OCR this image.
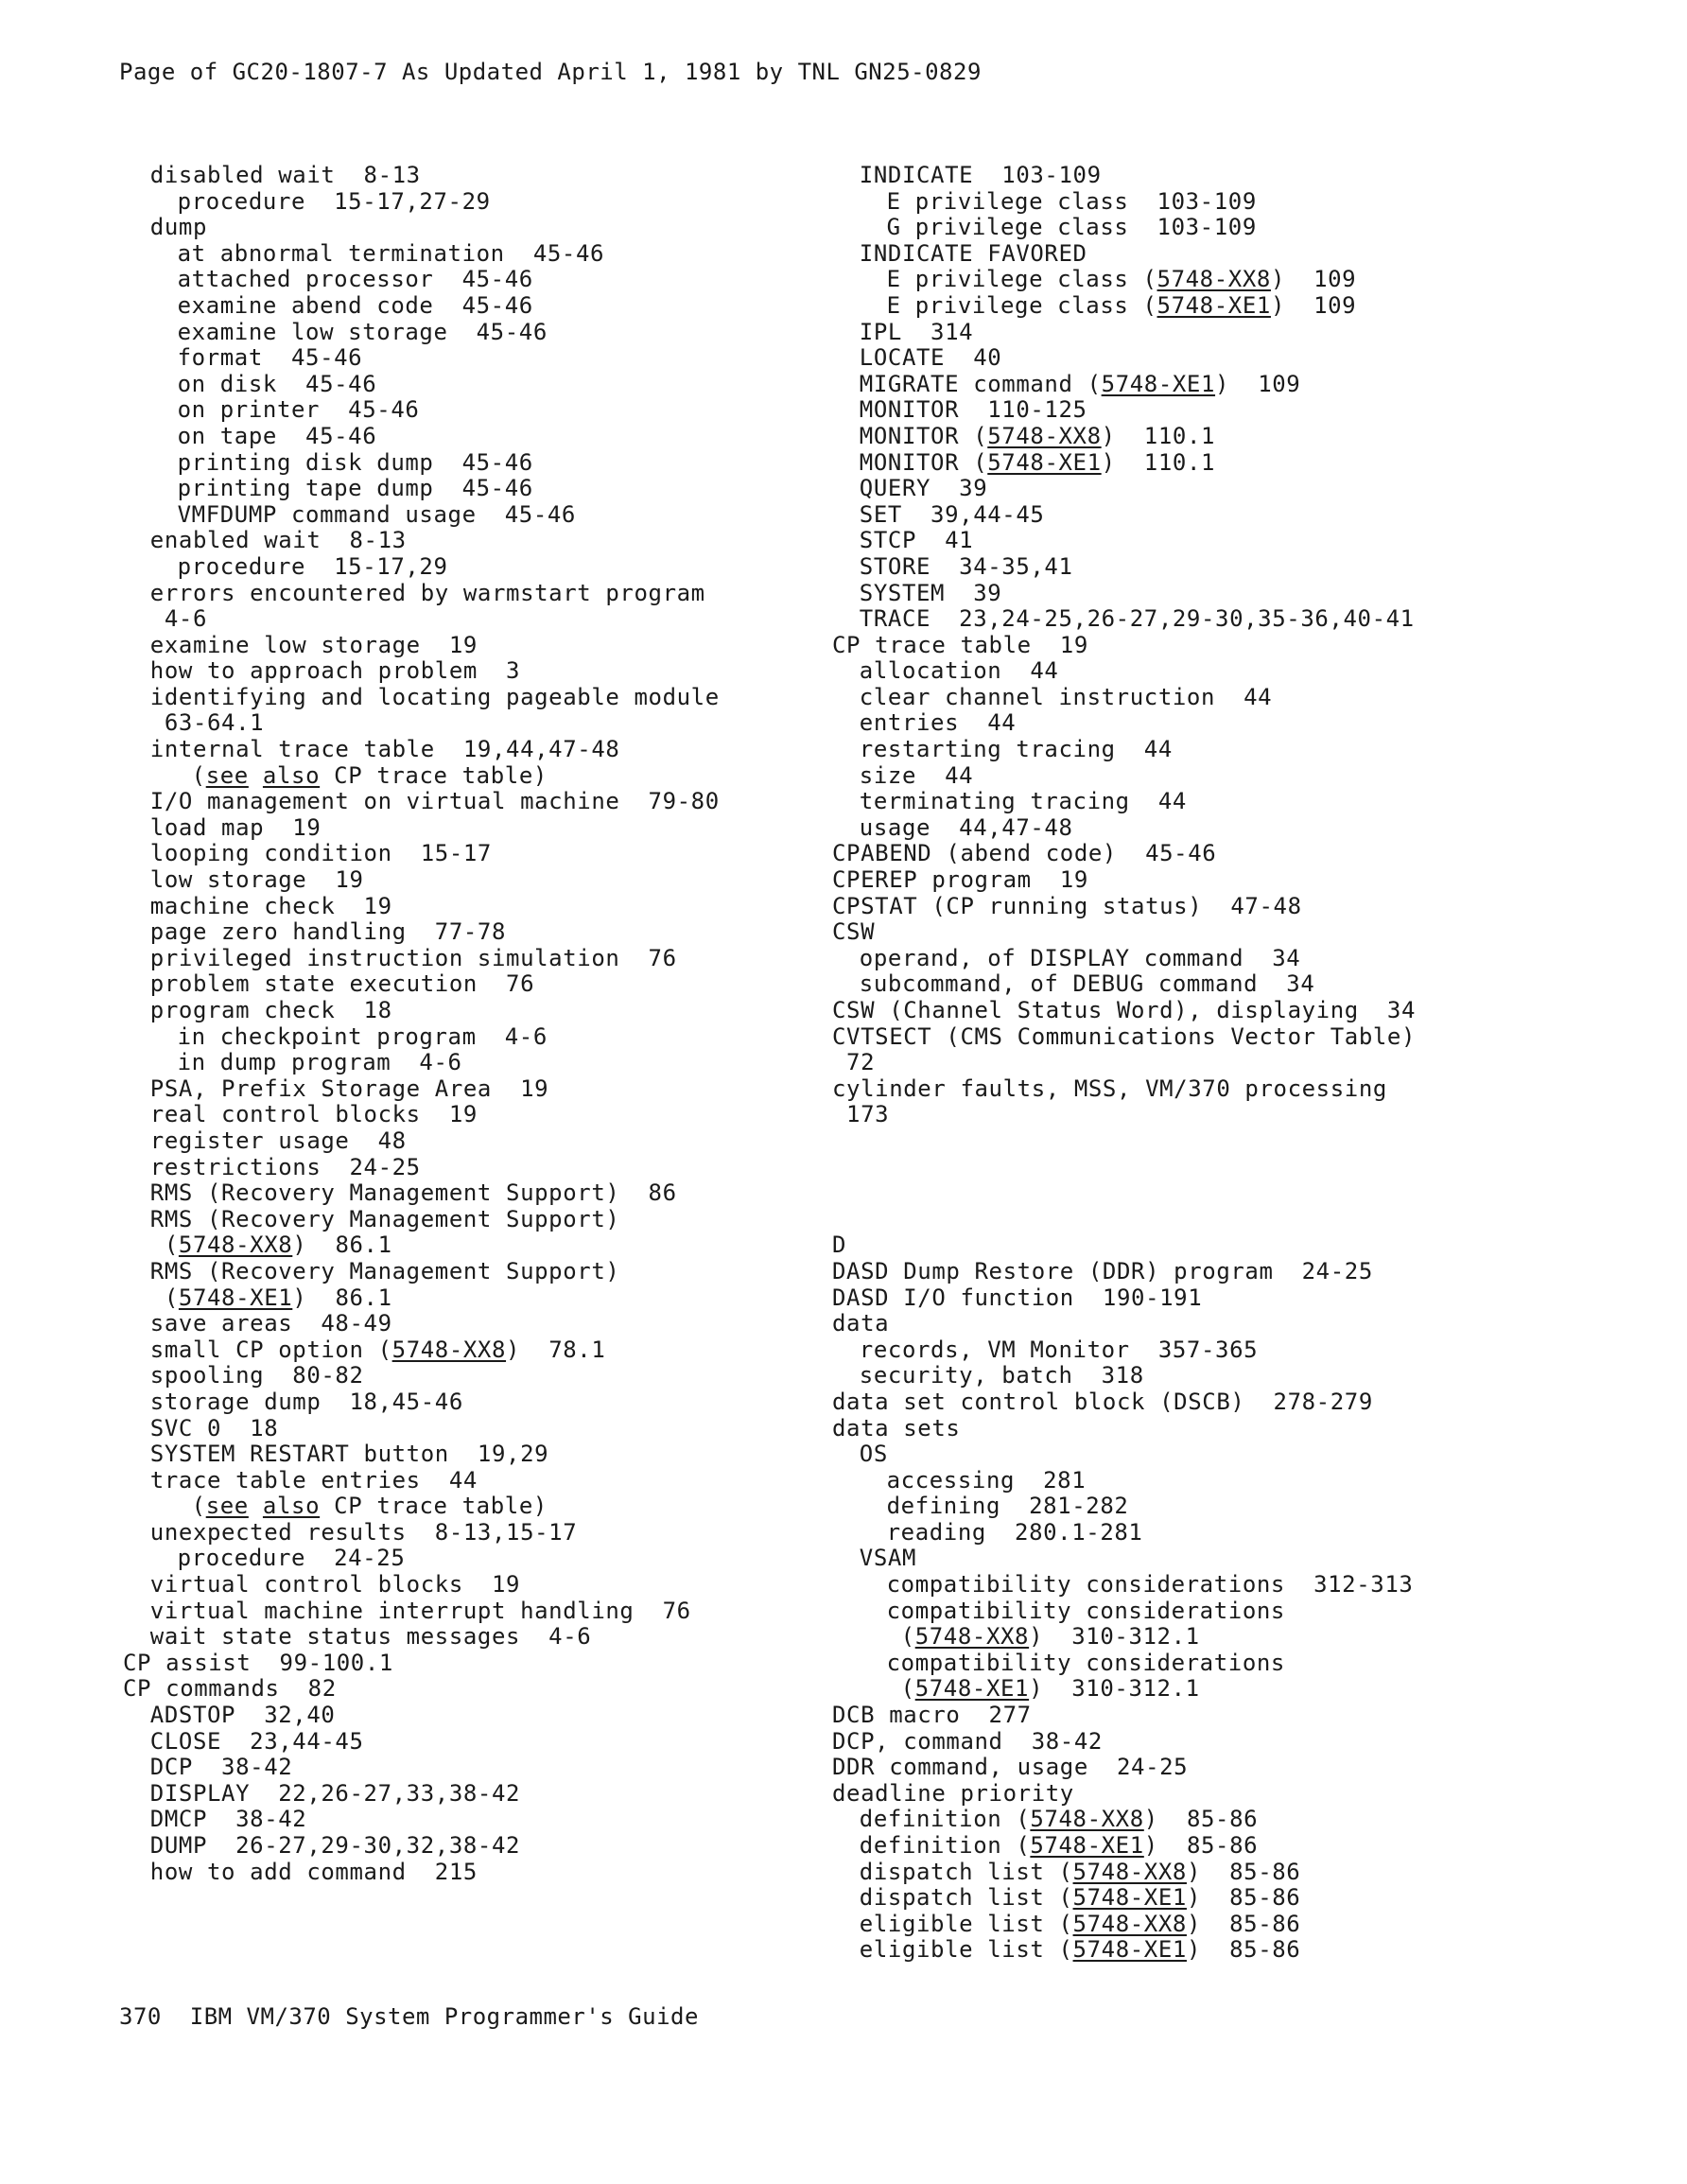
Page of GC20-1807-7 As Updated April 1, 1981 by TNL GN25-0829
disabled wait  8-13
procedure  15-17,27-29
dump
at abnormal termination  45-46
attached processor  45-46
examine abend code  45-46
examine low storage  45-46
format  45-46
on disk  45-46
on printer  45-46
on tape  45-46
printing disk dump  45-46
printing tape dump  45-46
VMFDUMP command usage  45-46
enabled wait  8-13
procedure  15-17,29
errors encountered by warmstart program
4-6
examine low storage  19
how to approach problem  3
identifying and locating pageable module
63-64.1
internal trace table  19,44,47-48
(see also CP trace table)
I/O management on virtual machine  79-80
load map  19
looping condition  15-17
low storage  19
machine check  19
page zero handling  77-78
privileged instruction simulation  76
problem state execution  76
program check  18
in checkpoint program  4-6
in dump program  4-6
PSA, Prefix Storage Area  19
real control blocks  19
register usage  48
restrictions  24-25
RMS (Recovery Management Support)  86
RMS (Recovery Management Support)
(5748-XX8)  86.1
RMS (Recovery Management Support)
(5748-XE1)  86.1
save areas  48-49
small CP option (5748-XX8)  78.1
spooling  80-82
storage dump  18,45-46
SVC 0  18
SYSTEM RESTART button  19,29
trace table entries  44
(see also CP trace table)
unexpected results  8-13,15-17
procedure  24-25
virtual control blocks  19
virtual machine interrupt handling  76
wait state status messages  4-6
CP assist  99-100.1
CP commands  82
ADSTOP  32,40
CLOSE  23,44-45
DCP  38-42
DISPLAY  22,26-27,33,38-42
DMCP  38-42
DUMP  26-27,29-30,32,38-42
how to add command  215
INDICATE  103-109
E privilege class  103-109
G privilege class  103-109
INDICATE FAVORED
E privilege class (5748-XX8)  109
E privilege class (5748-XE1)  109
IPL  314
LOCATE  40
MIGRATE command (5748-XE1)  109
MONITOR  110-125
MONITOR (5748-XX8)  110.1
MONITOR (5748-XE1)  110.1
QUERY  39
SET  39,44-45
STCP  41
STORE  34-35,41
SYSTEM  39
TRACE  23,24-25,26-27,29-30,35-36,40-41
CP trace table  19
allocation  44
clear channel instruction  44
entries  44
restarting tracing  44
size  44
terminating tracing  44
usage  44,47-48
CPABEND (abend code)  45-46
CPEREP program  19
CPSTAT (CP running status)  47-48
CSW
operand, of DISPLAY command  34
subcommand, of DEBUG command  34
CSW (Channel Status Word), displaying  34
CVTSECT (CMS Communications Vector Table)
72
cylinder faults, MSS, VM/370 processing
173
D
DASD Dump Restore (DDR) program  24-25
DASD I/O function  190-191
data
records, VM Monitor  357-365
security, batch  318
data set control block (DSCB)  278-279
data sets
OS
accessing  281
defining  281-282
reading  280.1-281
VSAM
compatibility considerations  312-313
compatibility considerations
(5748-XX8)  310-312.1
compatibility considerations
(5748-XE1)  310-312.1
DCB macro  277
DCP, command  38-42
DDR command, usage  24-25
deadline priority
definition (5748-XX8)  85-86
definition (5748-XE1)  85-86
dispatch list (5748-XX8)  85-86
dispatch list (5748-XE1)  85-86
eligible list (5748-XX8)  85-86
eligible list (5748-XE1)  85-86
370  IBM VM/370 System Programmer's Guide
